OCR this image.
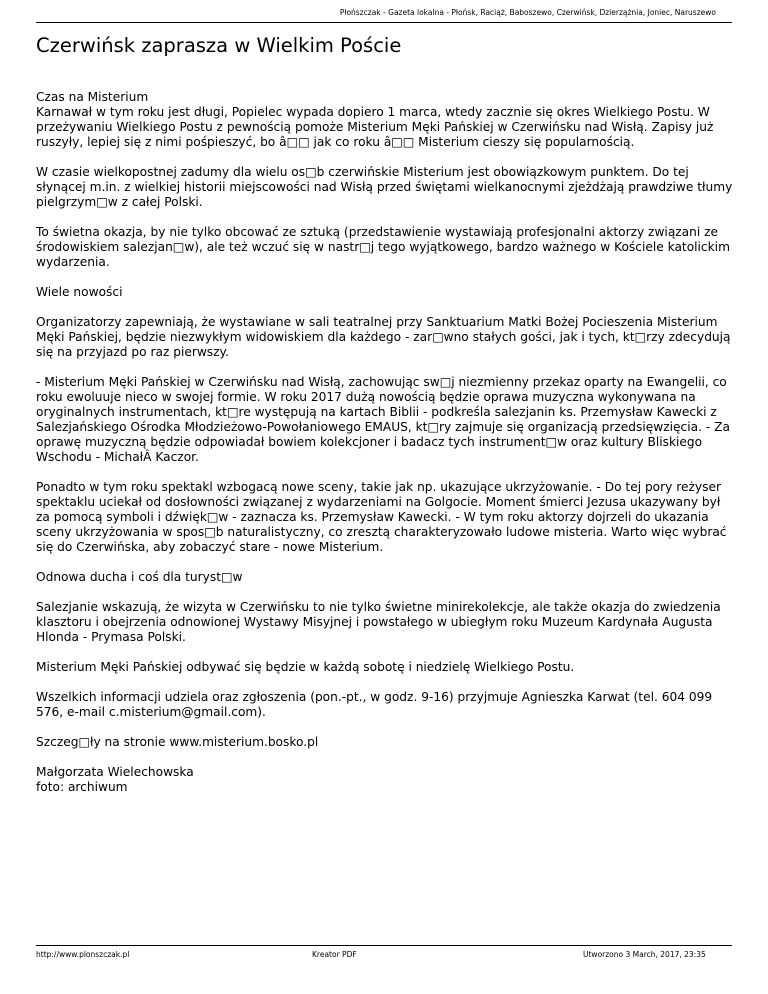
Płońszczak - Gazeta lokalna - Płońsk, Raciąż, Baboszewo, Czerwińsk, Dzierzążnia, Joniec, Naruszewo
Czerwińsk zaprasza w Wielkim Poście

Czas na Misterium
Karnawał w tym roku jest długi, Popielec wypada dopiero 1 marca, wtedy zacznie się okres Wielkiego Postu. W przeżywaniu Wielkiego Postu z pewnością pomoże Misterium Męki Pańskiej w Czerwińsku nad Wisłą. Zapisy już ruszyły, lepiej się z nimi pośpieszyć, bo â□□ jak co roku â□□ Misterium cieszy się popularnością.

W czasie wielkopostnej zadumy dla wielu os□b czerwińskie Misterium jest obowiązkowym punktem. Do tej słynącej m.in. z wielkiej historii miejscowości nad Wisłą przed świętami wielkanocnymi zjeżdżają prawdziwe tłumy pielgrzym□w z całej Polski.

To świetna okazja, by nie tylko obcować ze sztuką (przedstawienie wystawiają profesjonalni aktorzy związani ze środowiskiem salezjan□w), ale też wczuć się w nastr□j tego wyjątkowego, bardzo ważnego w Kościele katolickim wydarzenia.

Wiele nowości

Organizatorzy zapewniają, że wystawiane w sali teatralnej przy Sanktuarium Matki Bożej Pocieszenia Misterium Męki Pańskiej, będzie niezwykłym widowiskiem dla każdego - zar□wno stałych gości, jak i tych, kt□rzy zdecydują się na przyjazd po raz pierwszy.

- Misterium Męki Pańskiej w Czerwińsku nad Wisłą, zachowując sw□j niezmienny przekaz oparty na Ewangelii, co roku ewoluuje nieco w swojej formie. W roku 2017 dużą nowością będzie oprawa muzyczna wykonywana na oryginalnych instrumentach, kt□re występują na kartach Biblii - podkreśla salezjanin ks. Przemysław Kawecki z Salezjańskiego Ośrodka Młodzieżowo-Powołaniowego EMAUS, kt□ry zajmuje się organizacją przedsięwzięcia. - Za oprawę muzyczną będzie odpowiadał bowiem kolekcjoner i badacz tych instrument□w oraz kultury Bliskiego Wschodu - MichałÂ Kaczor.

Ponadto w tym roku spektakl wzbogacą nowe sceny, takie jak np. ukazujące ukrzyżowanie. - Do tej pory reżyser spektaklu uciekał od dosłowności związanej z wydarzeniami na Golgocie. Moment śmierci Jezusa ukazywany był za pomocą symboli i dźwięk□w - zaznacza ks. Przemysław Kawecki. - W tym roku aktorzy dojrzeli do ukazania sceny ukrzyżowania w spos□b naturalistyczny, co zresztą charakteryzowało ludowe misteria. Warto więc wybrać się do Czerwińska, aby zobaczyć stare - nowe Misterium.

Odnowa ducha i coś dla turyst□w

Salezjanie wskazują, że wizyta w Czerwińsku to nie tylko świetne minirekolekcje, ale także okazja do zwiedzenia klasztoru i obejrzenia odnowionej Wystawy Misyjnej i powstałego w ubiegłym roku Muzeum Kardynała Augusta Hlonda - Prymasa Polski.

Misterium Męki Pańskiej odbywać się będzie w każdą sobotę i niedzielę Wielkiego Postu.

Wszelkich informacji udziela oraz zgłoszenia (pon.-pt., w godz. 9-16) przyjmuje Agnieszka Karwat (tel. 604 099 576, e-mail c.misterium@gmail.com).

Szczeg□ły na stronie www.misterium.bosko.pl

Małgorzata Wielechowska
foto: archiwum

http://www.plonszczak.pl	Kreator PDF	Utworzono 3 March, 2017, 23:35
